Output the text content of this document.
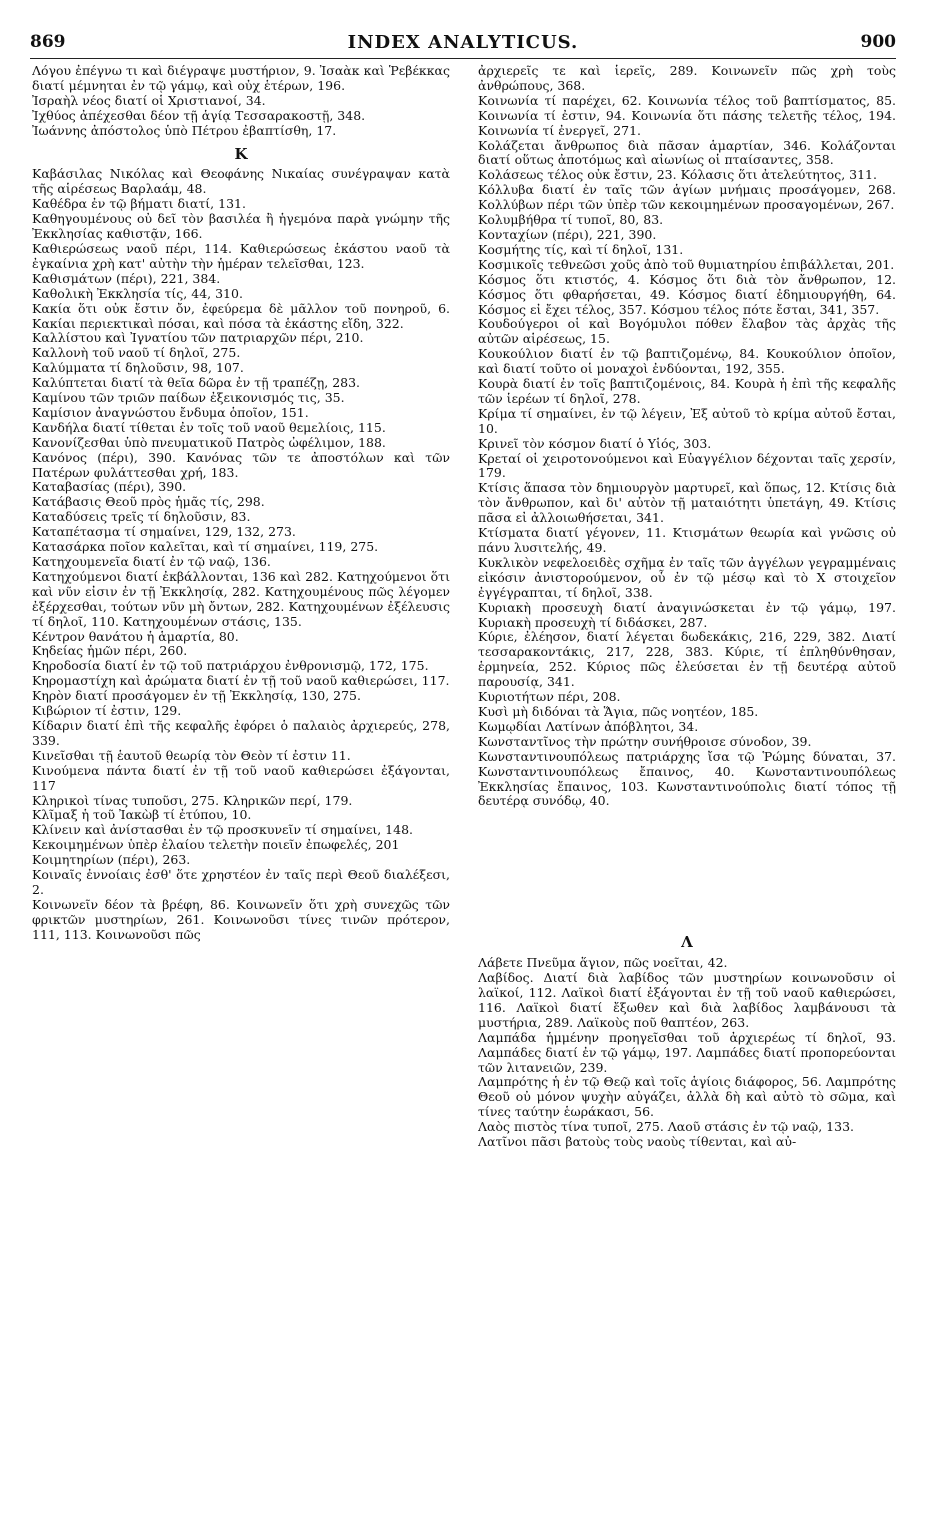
869	INDEX ANALYTICUS.	900

Λόγου ἐπέγνω τι καὶ διέγραψε μυστήριον, 9. Ἰσαὰκ καὶ Ῥεβέκκας διατί μέμνηται ἐν τῷ γάμῳ, καὶ οὐχ ἑτέρων, 196.

Ἰσραὴλ νέος διατί οἱ Χριστιανοί, 34.

Ἰχθύος ἀπέχεσθαι δέον τῇ ἁγίᾳ Τεσσαρακοστῇ, 348.

Ἰωάννης ἀπόστολος ὑπὸ Πέτρου ἐβαπτίσθη, 17.

Κ

Καβάσιλας Νικόλας καὶ Θεοφάνης Νικαίας συνέγραψαν κατὰ τῆς αἱρέσεως Βαρλαάμ, 48.

Καθέδρα ἐν τῷ βήματι διατί, 131.

Καθηγουμένους οὐ δεῖ τὸν βασιλέα ἢ ἡγεμόνα παρὰ γνώμην τῆς Ἐκκλησίας καθιστᾷν, 166.

Καθιερώσεως ναοῦ πέρι, 114. Καθιερώσεως ἑκάστου ναοῦ τὰ ἐγκαίνια χρὴ κατ' αὐτὴν τὴν ἡμέραν τελεῖσθαι, 123.

Καθισμάτων (πέρι), 221, 384.

Καθολικὴ Ἐκκλησία τίς, 44, 310.

Κακία ὅτι οὐκ ἔστιν ὄν, ἐφεύρεμα δὲ μᾶλλον τοῦ πονηροῦ, 6. Κακίαι περιεκτικαὶ πόσαι, καὶ πόσα τὰ ἑκάστης εἴδη, 322.

Καλλίστου καὶ Ἰγνατίου τῶν πατριαρχῶν πέρι, 210.

Καλλονὴ τοῦ ναοῦ τί δηλοῖ, 275.

Καλύμματα τί δηλοῦσιν, 98, 107.

Καλύπτεται διατί τὰ θεῖα δῶρα ἐν τῇ τραπέζῃ, 283.

Καμίνου τῶν τριῶν παίδων ἐξεικονισμός τις, 35.

Καμίσιον ἀναγνώστου ἔνδυμα ὁποῖον, 151.

Κανδήλα διατί τίθεται ἐν τοῖς τοῦ ναοῦ θεμελίοις, 115.

Κανονίζεσθαι ὑπὸ πνευματικοῦ Πατρὸς ὠφέλιμον, 188.

Κανόνος (πέρι), 390. Κανόνας τῶν τε ἀποστόλων καὶ τῶν Πατέρων φυλάττεσθαι χρή, 183.

Καταβασίας (πέρι), 390.

Κατάβασις Θεοῦ πρὸς ἡμᾶς τίς, 298.

Καταδύσεις τρεῖς τί δηλοῦσιν, 83.

Καταπέτασμα τί σημαίνει, 129, 132, 273.

Κατασάρκα ποῖον καλεῖται, καὶ τί σημαίνει, 119, 275.

Κατηχουμενεῖα διατί ἐν τῷ ναῷ, 136.

Κατηχούμενοι διατί ἐκβάλλονται, 136 καὶ 282. Κατηχούμενοι ὅτι καὶ νῦν εἰσιν ἐν τῇ Ἐκκλησίᾳ, 282. Κατηχουμένους πῶς λέγομεν ἐξέρχεσθαι, τούτων νῦν μὴ ὄντων, 282. Κατηχουμένων ἐξέλευσις τί δηλοῖ, 110. Κατηχουμένων στάσις, 135.

Κέντρον θανάτου ἡ ἁμαρτία, 80.

Κηδείας ἡμῶν πέρι, 260.

Κηροδοσία διατί ἐν τῷ τοῦ πατριάρχου ἐνθρονισμῷ, 172, 175.

Κηρομαστίχη καὶ ἀρώματα διατί ἐν τῇ τοῦ ναοῦ καθιερώσει, 117.

Κηρὸν διατί προσάγομεν ἐν τῇ Ἐκκλησίᾳ, 130, 275.

Κιβώριον τί ἐστιν, 129.

Κίδαριν διατί ἐπὶ τῆς κεφαλῆς ἐφόρει ὁ παλαιὸς ἀρχιερεύς, 278, 339.

Κινεῖσθαι τῇ ἑαυτοῦ θεωρίᾳ τὸν Θεὸν τί ἐστιν 11.

Κινούμενα πάντα διατί ἐν τῇ τοῦ ναοῦ καθιερώσει ἐξάγονται, 117

Κληρικοὶ τίνας τυποῦσι, 275. Κληρικῶν περί, 179.

Κλῖμαξ ἡ τοῦ Ἰακὼβ τί ἐτύπου, 10.

Κλίνειν καὶ ἀνίστασθαι ἐν τῷ προσκυνεῖν τί σημαίνει, 148.

Κεκοιμημένων ὑπὲρ ἐλαίου τελετὴν ποιεῖν ἐπωφελές, 201

Κοιμητηρίων (πέρι), 263.

Κοιναῖς ἐννοίαις ἐσθ' ὅτε χρηστέον ἐν ταῖς περὶ Θεοῦ διαλέξεσι, 2.

Κοινωνεῖν δέον τὰ βρέφη, 86. Κοινωνεῖν ὅτι χρὴ συνεχῶς τῶν φρικτῶν μυστηρίων, 261. Κοινωνοῦσι τίνες τινῶν πρότερον, 111, 113. Κοινωνοῦσι πῶς

ἀρχιερεῖς τε καὶ ἱερεῖς, 289. Κοινωνεῖν πῶς χρὴ τοὺς ἀνθρώπους, 368.

Κοινωνία τί παρέχει, 62. Κοινωνία τέλος τοῦ βαπτίσματος, 85. Κοινωνία τί ἐστιν, 94. Κοινωνία ὅτι πάσης τελετῆς τέλος, 194. Κοινωνία τί ἐνεργεῖ, 271.

Κολάζεται ἄνθρωπος διὰ πᾶσαν ἁμαρτίαν, 346. Κολάζονται διατί οὕτως ἀποτόμως καὶ αἰωνίως οἱ πταίσαντες, 358.

Κολάσεως τέλος οὐκ ἔστιν, 23. Κόλασις ὅτι ἀτελεύτητος, 311.

Κόλλυβα διατί ἐν ταῖς τῶν ἁγίων μνήμαις προσάγομεν, 268. Κολλύβων πέρι τῶν ὑπὲρ τῶν κεκοιμημένων προσαγομένων, 267.

Κολυμβήθρα τί τυποῖ, 80, 83.

Κονταχίων (πέρι), 221, 390.

Κοσμήτης τίς, καὶ τί δηλοῖ, 131.

Κοσμικοῖς τεθνεῶσι χοῦς ἀπὸ τοῦ θυμιατηρίου ἐπιβάλλεται, 201.

Κόσμος ὅτι κτιστός, 4. Κόσμος ὅτι διὰ τὸν ἄνθρωπον, 12. Κόσμος ὅτι φθαρήσεται, 49. Κόσμος διατί ἐδημιουργήθη, 64. Κόσμος εἰ ἔχει τέλος, 357. Κόσμου τέλος πότε ἔσται, 341, 357.

Κουδούγεροι οἱ καὶ Βογόμυλοι πόθεν ἔλαβον τὰς ἀρχὰς τῆς αὐτῶν αἱρέσεως, 15.

Κουκούλιον διατί ἐν τῷ βαπτιζομένῳ, 84. Κουκούλιον ὁποῖον, καὶ διατί τοῦτο οἱ μοναχοὶ ἐνδύονται, 192, 355.

Κουρὰ διατί ἐν τοῖς βαπτιζομένοις, 84. Κουρὰ ἡ ἐπὶ τῆς κεφαλῆς τῶν ἱερέων τί δηλοῖ, 278.

Κρίμα τί σημαίνει, ἐν τῷ λέγειν, Ἐξ αὐτοῦ τὸ κρίμα αὐτοῦ ἔσται, 10.

Κρινεῖ τὸν κόσμον διατί ὁ Υἱός, 303.

Κρεταί οἱ χειροτονούμενοι καὶ Εὐαγγέλιον δέχονται ταῖς χερσίν, 179.

Κτίσις ἅπασα τὸν δημιουργὸν μαρτυρεῖ, καὶ ὅπως, 12. Κτίσις διὰ τὸν ἄνθρωπον, καὶ δι' αὐτὸν τῇ ματαιότητι ὑπετάγη, 49. Κτίσις πᾶσα εἰ ἀλλοιωθήσεται, 341.

Κτίσματα διατί γέγονεν, 11. Κτισμάτων θεωρία καὶ γνῶσις οὐ πάνυ λυσιτελής, 49.

Κυκλικὸν νεφελοειδὲς σχῆμα ἐν ταῖς τῶν ἀγγέλων γεγραμμέναις εἰκόσιν ἀνιστορούμενον, οὗ ἐν τῷ μέσῳ καὶ τὸ Χ στοιχεῖον ἐγγέγραπται, τί δηλοῖ, 338.

Κυριακὴ προσευχὴ διατί ἀναγινώσκεται ἐν τῷ γάμῳ, 197. Κυριακὴ προσευχὴ τί διδάσκει, 287.

Κύριε, ἐλέησον, διατί λέγεται δωδεκάκις, 216, 229, 382. Διατί τεσσαρακοντάκις, 217, 228, 383. Κύριε, τί ἐπληθύνθησαν, ἑρμηνεία, 252. Κύριος πῶς ἐλεύσεται ἐν τῇ δευτέρᾳ αὐτοῦ παρουσίᾳ, 341.

Κυριοτήτων πέρι, 208.

Κυσὶ μὴ διδόναι τὰ Ἅγια, πῶς νοητέον, 185.

Κωμῳδίαι Λατίνων ἀπόβλητοι, 34.

Κωνσταντῖνος τὴν πρώτην συνήθροισε σύνοδον, 39.

Κωνσταντινουπόλεως πατριάρχης ἴσα τῷ Ῥώμης δύναται, 37. Κωνσταντινουπόλεως ἔπαινος, 40. Κωνσταντινουπόλεως Ἐκκλησίας ἔπαινος, 103. Κωνσταντινούπολις διατί τόπος τῇ δευτέρᾳ συνόδῳ, 40.

Λ

Λάβετε Πνεῦμα ἅγιον, πῶς νοεῖται, 42.

Λαβίδος. Διατί διὰ λαβίδος τῶν μυστηρίων κοινωνοῦσιν οἱ λαϊκοί, 112. Λαϊκοὶ διατί ἐξάγονται ἐν τῇ τοῦ ναοῦ καθιερώσει, 116. Λαϊκοὶ διατί ἔξωθεν καὶ διὰ λαβίδος λαμβάνουσι τὰ μυστήρια, 289. Λαϊκοὺς ποῦ θαπτέον, 263.

Λαμπάδα ἡμμένην προηγεῖσθαι τοῦ ἀρχιερέως τί δηλοῖ, 93. Λαμπάδες διατί ἐν τῷ γάμῳ, 197. Λαμπάδες διατί προπορεύονται τῶν λιτανειῶν, 239.

Λαμπρότης ἡ ἐν τῷ Θεῷ καὶ τοῖς ἁγίοις διάφορος, 56. Λαμπρότης Θεοῦ οὐ μόνον ψυχὴν αὐγάζει, ἀλλὰ δὴ καὶ αὐτὸ τὸ σῶμα, καὶ τίνες ταύτην ἑωράκασι, 56.

Λαὸς πιστὸς τίνα τυποῖ, 275. Λαοῦ στάσις ἐν τῷ ναῷ, 133.

Λατῖνοι πᾶσι βατοὺς τοὺς ναοὺς τίθενται, καὶ αὐ-
